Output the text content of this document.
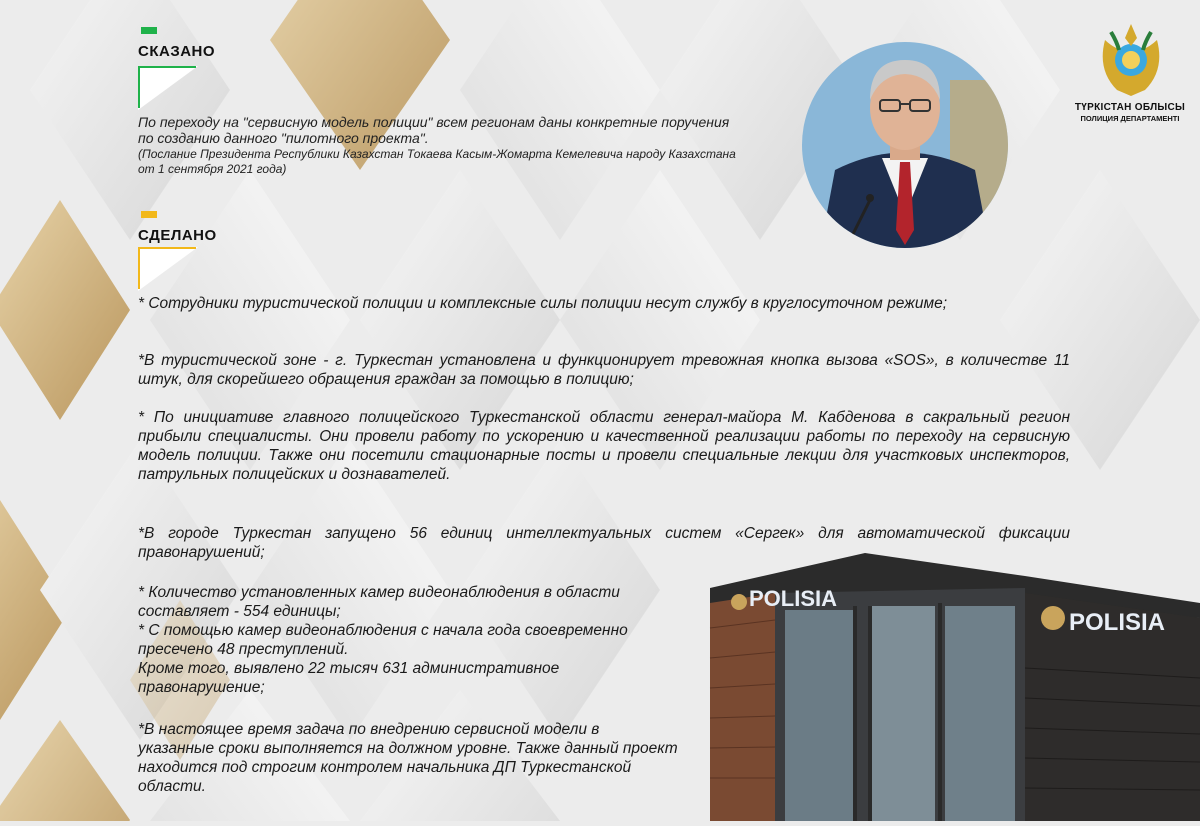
СКАЗАНО
По переходу на "сервисную модель полиции" всем регионам даны конкретные поручения по созданию данного "пилотного проекта".
(Послание Президента Республики Казахстан Токаева Касым-Жомарта Кемелевича народу Казахстана от 1 сентября 2021 года)
ТҮРКІСТАН ОБЛЫСЫ
ПОЛИЦИЯ ДЕПАРТАМЕНТІ
СДЕЛАНО
* Сотрудники туристической полиции и комплексные силы полиции несут службу в круглосуточном режиме;
*В туристической зоне - г. Туркестан установлена и функционирует тревожная кнопка вызова «SOS», в количестве 11 штук, для скорейшего обращения граждан за помощью в полицию;
* По инициативе главного полицейского Туркестанской области генерал-майора М. Кабденова в сакральный регион прибыли специалисты. Они провели работу по ускорению и качественной реализации работы по переходу на сервисную модель полиции. Также они посетили стационарные посты и провели специальные лекции для участковых инспекторов, патрульных полицейских и дознавателей.
*В городе Туркестан запущено 56 единиц интеллектуальных систем «Сергек» для автоматической фиксации правонарушений;
POLISIA
POLISIA
* Количество установленных камер видеонаблюдения в области составляет - 554 единицы;
* С помощью камер видеонаблюдения с начала года своевременно пресечено 48 преступлений.
Кроме того, выявлено 22 тысяч 631 административное правонарушение;
*В настоящее время задача по внедрению сервисной модели в указанные сроки выполняется на должном уровне. Также данный проект находится под строгим контролем начальника ДП Туркестанской области.
